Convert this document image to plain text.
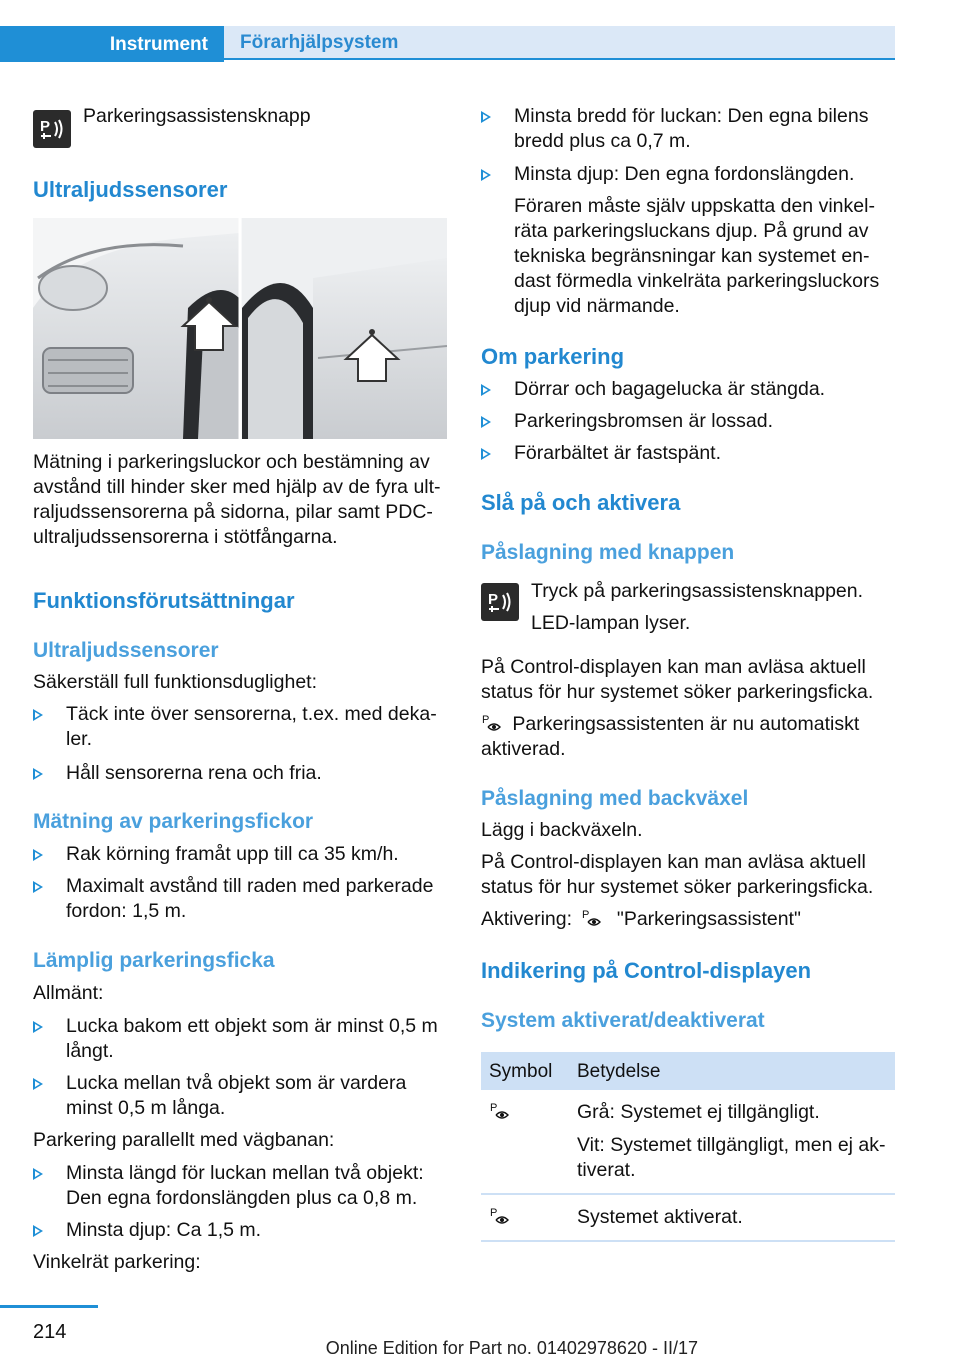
Instrument	Förarhjälpsystem
P Parkeringsassistensknapp
Ultraljudssensorer
Mätning i parkeringsluckor och bestämning av avstånd till hinder sker med hjälp av de fyra ultraljudssensorerna på sidorna, pilar samt PDC-ultraljudssensorerna i stötfångarna.
Funktionsförutsättningar
Ultraljudssensorer
Säkerställ full funktionsduglighet:
Täck inte över sensorerna, t.ex. med dekaler.
Håll sensorerna rena och fria.
Mätning av parkeringsfickor
Rak körning framåt upp till ca 35 km/h.
Maximalt avstånd till raden med parkerade fordon: 1,5 m.
Lämplig parkeringsficka
Allmänt:
Lucka bakom ett objekt som är minst 0,5 m långt.
Lucka mellan två objekt som är vardera minst 0,5 m långa.
Parkering parallellt med vägbanan:
Minsta längd för luckan mellan två objekt: Den egna fordonslängden plus ca 0,8 m.
Minsta djup: Ca 1,5 m.
Vinkelrät parkering:
Minsta bredd för luckan: Den egna bilens bredd plus ca 0,7 m.
Minsta djup: Den egna fordonslängden.
Föraren måste själv uppskatta den vinkelräta parkeringsluckans djup. På grund av tekniska begränsningar kan systemet endast förmedla vinkelräta parkeringsluckors djup vid närmande.
Om parkering
Dörrar och bagagelucka är stängda.
Parkeringsbromsen är lossad.
Förarbältet är fastspänt.
Slå på och aktivera
Påslagning med knappen
P Tryck på parkeringsassistensknappen.
LED-lampan lyser.
På Control-displayen kan man avläsa aktuell status för hur systemet söker parkeringsficka.
P Parkeringsassistenten är nu automatiskt aktiverad.
Påslagning med backväxel
Lägg i backväxeln.
På Control-displayen kan man avläsa aktuell status för hur systemet söker parkeringsficka.
Aktivering: P "Parkeringsassistent"
Indikering på Control-displayen
System aktiverat/deaktiverat
Symbol	Betydelse

P	Grå: Systemet ej tillgängligt.
Vit: Systemet tillgängligt, men ej aktiverat.

P	Systemet aktiverat.
214
Online Edition for Part no. 01402978620 - II/17
